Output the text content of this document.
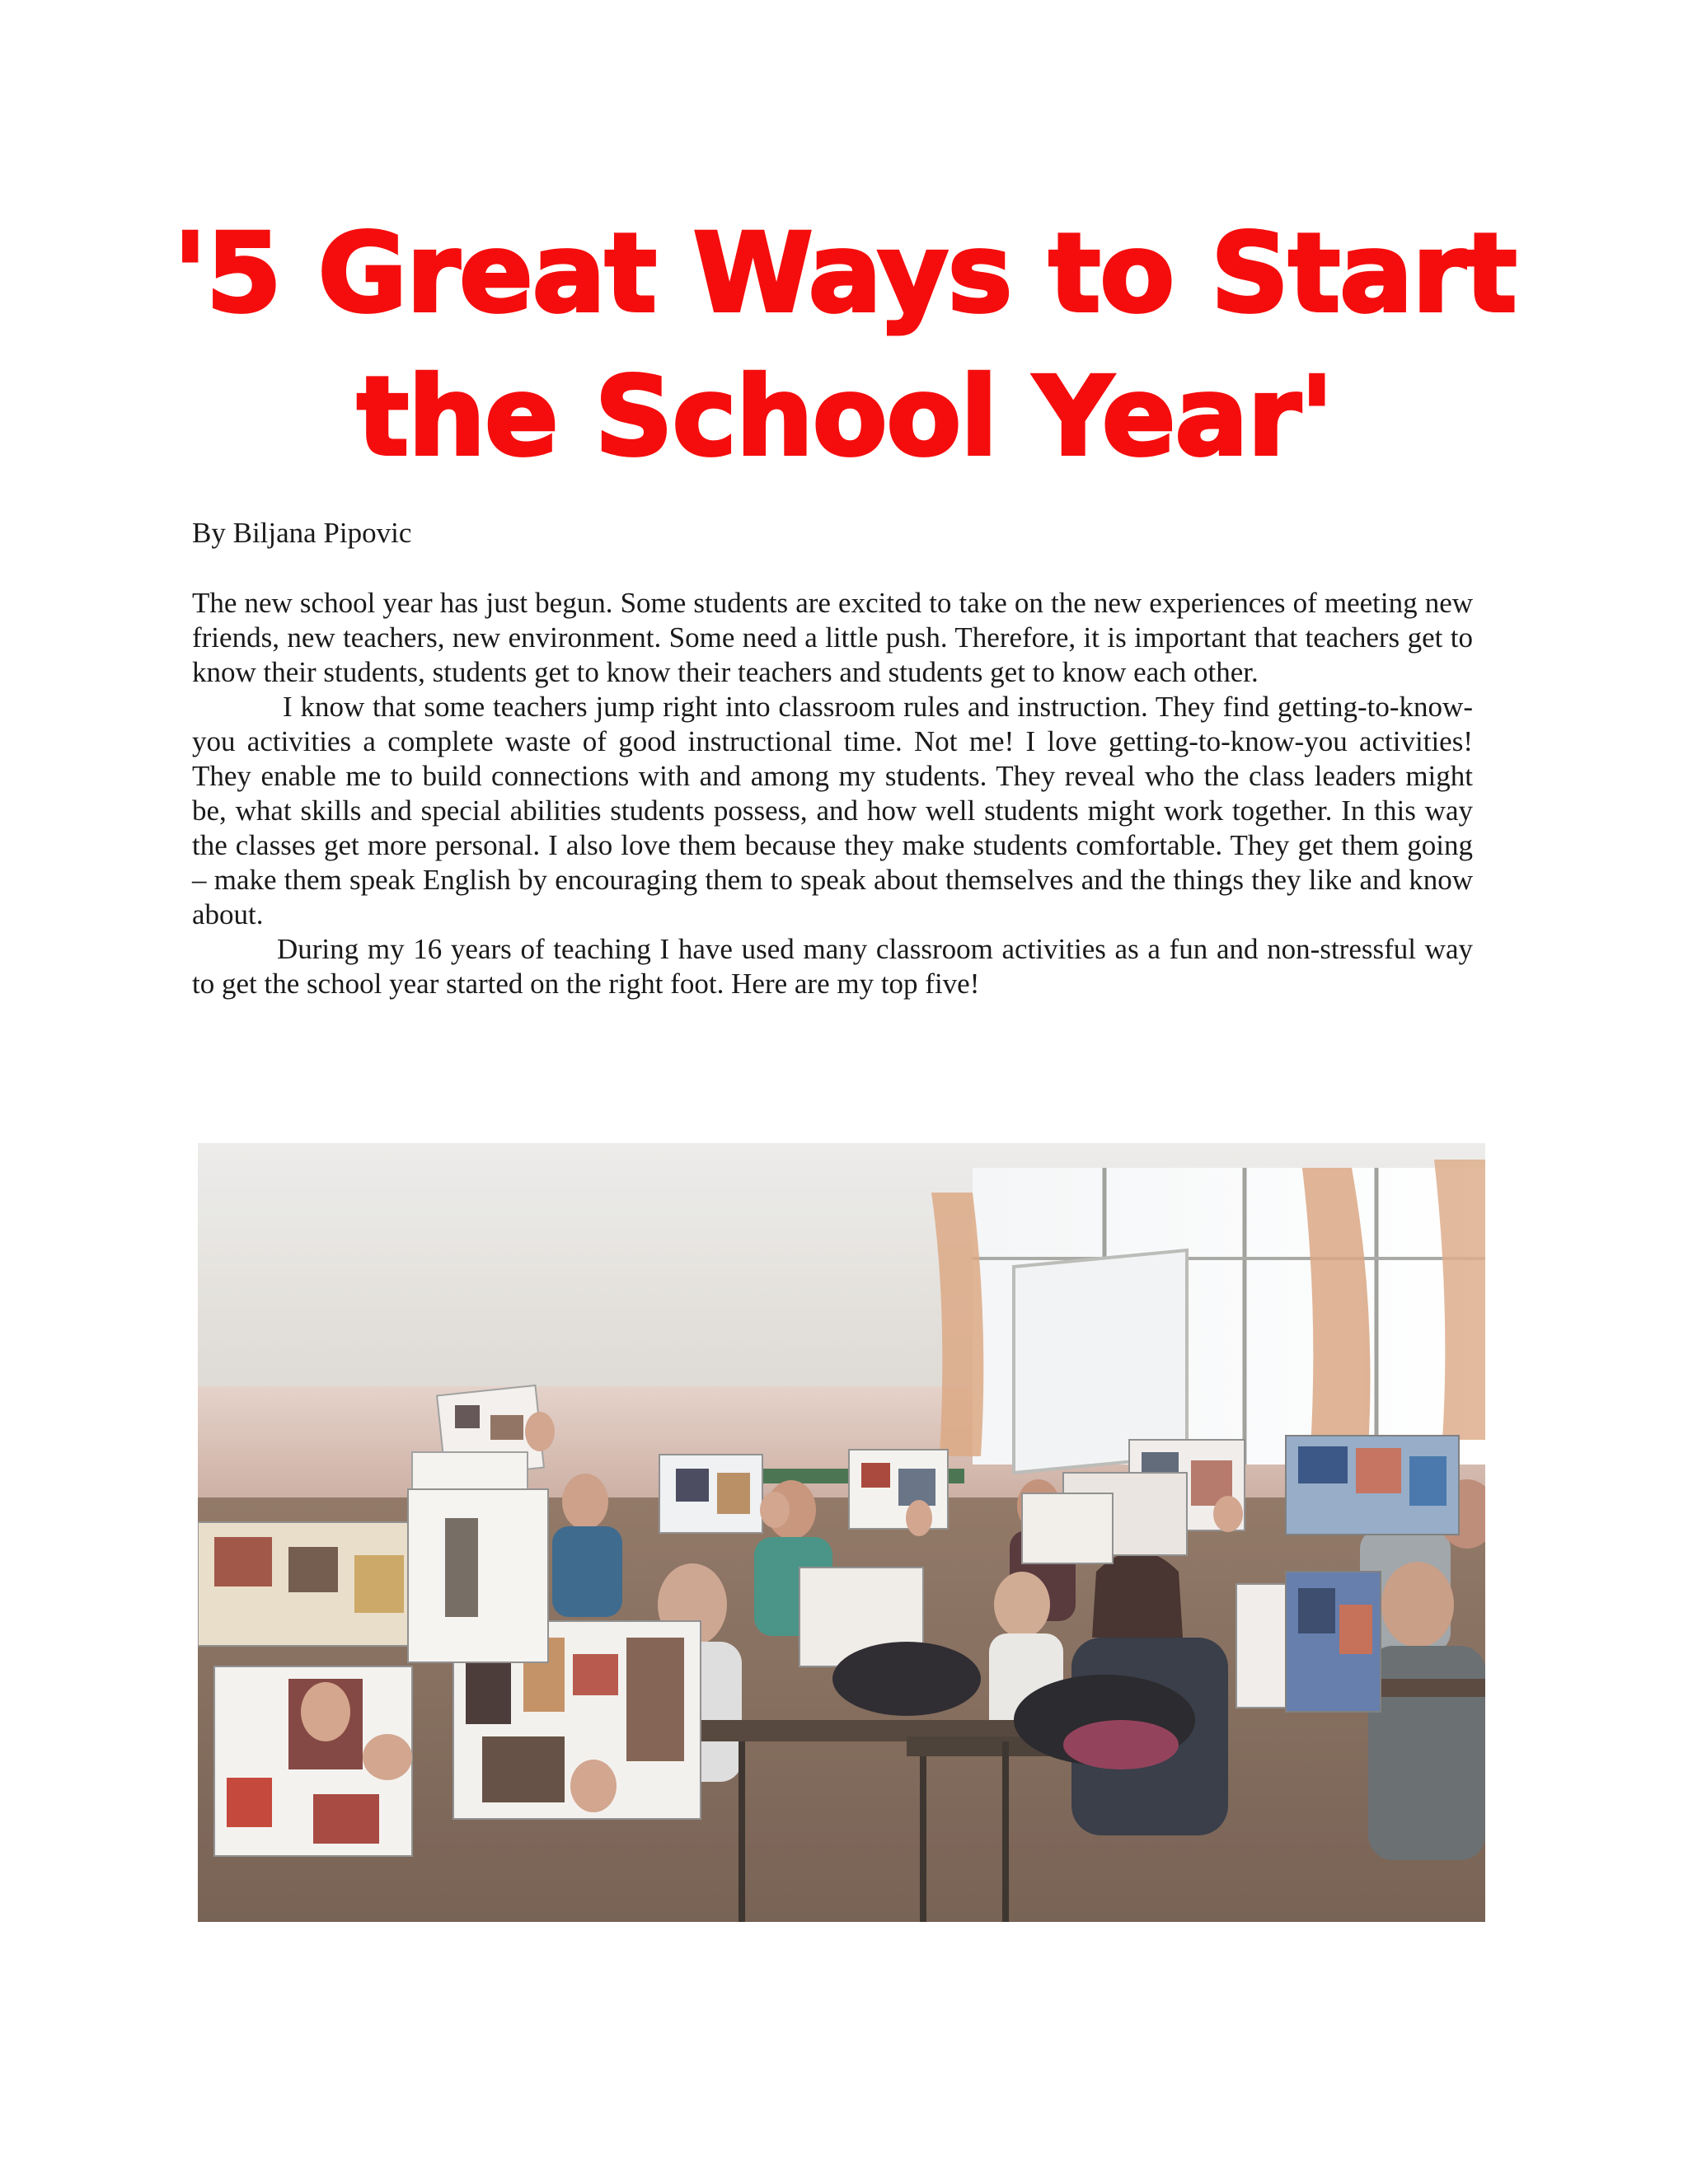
'5 Great Ways to Start
the School Year'

By Biljana Pipovic

The new school year has just begun. Some students are excited to take on the new experiences of meeting new friends, new teachers, new environment. Some need a little push. Therefore, it is important that teachers get to know their students, students get to know their teachers and students get to know each other.

I know that some teachers jump right into classroom rules and instruction. They find getting-to-know-you activities a complete waste of good instructional time. Not me! I love getting-to-know-you activities! They enable me to build connections with and among my students. They reveal who the class leaders might be, what skills and special abilities students possess, and how well students might work together. In this way the classes get more personal. I also love them because they make students comfortable. They get them going – make them speak English by encouraging them to speak about themselves and the things they like and know about.

During my 16 years of teaching I have used many classroom activities as a fun and non-stressful way to get the school year started on the right foot. Here are my top five!
